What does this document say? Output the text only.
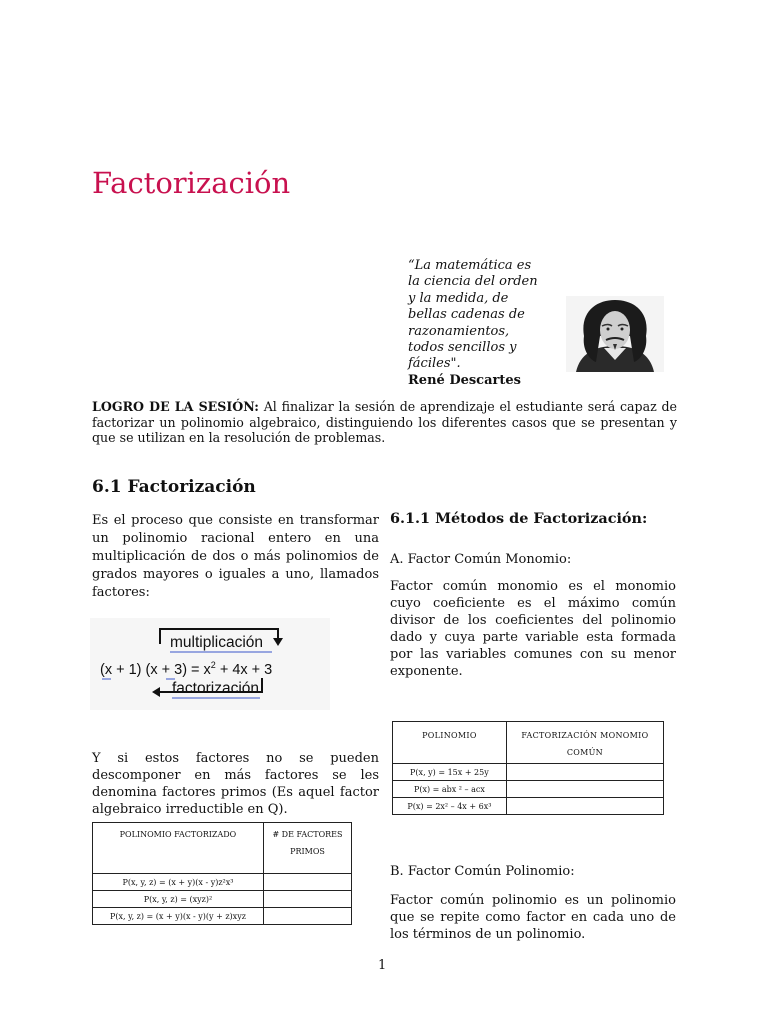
Factorización
“La matemática es la ciencia del orden y la medida, de bellas cadenas de razonamientos, todos sencillos y fáciles".
René Descartes
LOGRO DE LA SESIÓN: Al finalizar la sesión de aprendizaje el estudiante será capaz de factorizar un polinomio algebraico, distinguiendo los diferentes casos que se presentan y que se utilizan en la resolución de problemas.
6.1 Factorización
Es el proceso que consiste en transformar un polinomio racional entero en una multiplicación de dos o más polinomios de grados mayores o iguales a uno, llamados factores:
multiplicación
(x + 1) $(x + 3) = x^2 + 4x + 3$
factorización
Y si estos factores no se pueden descomponer en más factores se les denomina factores primos (Es aquel factor algebraico irreductible en Q).
6.1.1 Métodos de Factorización:
A. Factor Común Monomio:
Factor común monomio es el monomio cuyo coeficiente es el máximo común divisor de los coeficientes del polinomio dado y cuya parte variable esta formada por las variables comunes con su menor exponente.
POLINOMIO	FACTORIZACIÓN MONOMIO COMÚN
P(x, y) = 15x + 25y	
P(x) = abx ² – acx	
P(x) = 2x² – 4x + 6x³	
B. Factor Común Polinomio:
Factor común polinomio es un polinomio que se repite como factor en cada uno de los términos de un polinomio.
POLINOMIO FACTORIZADO	# DE FACTORES PRIMOS
P(x, y, z) = (x + y)(x - y)z²x³	
P(x, y, z) = (xyz)²	
P(x, y, z) = (x + y)(x - y)(y + z)xyz	
1
